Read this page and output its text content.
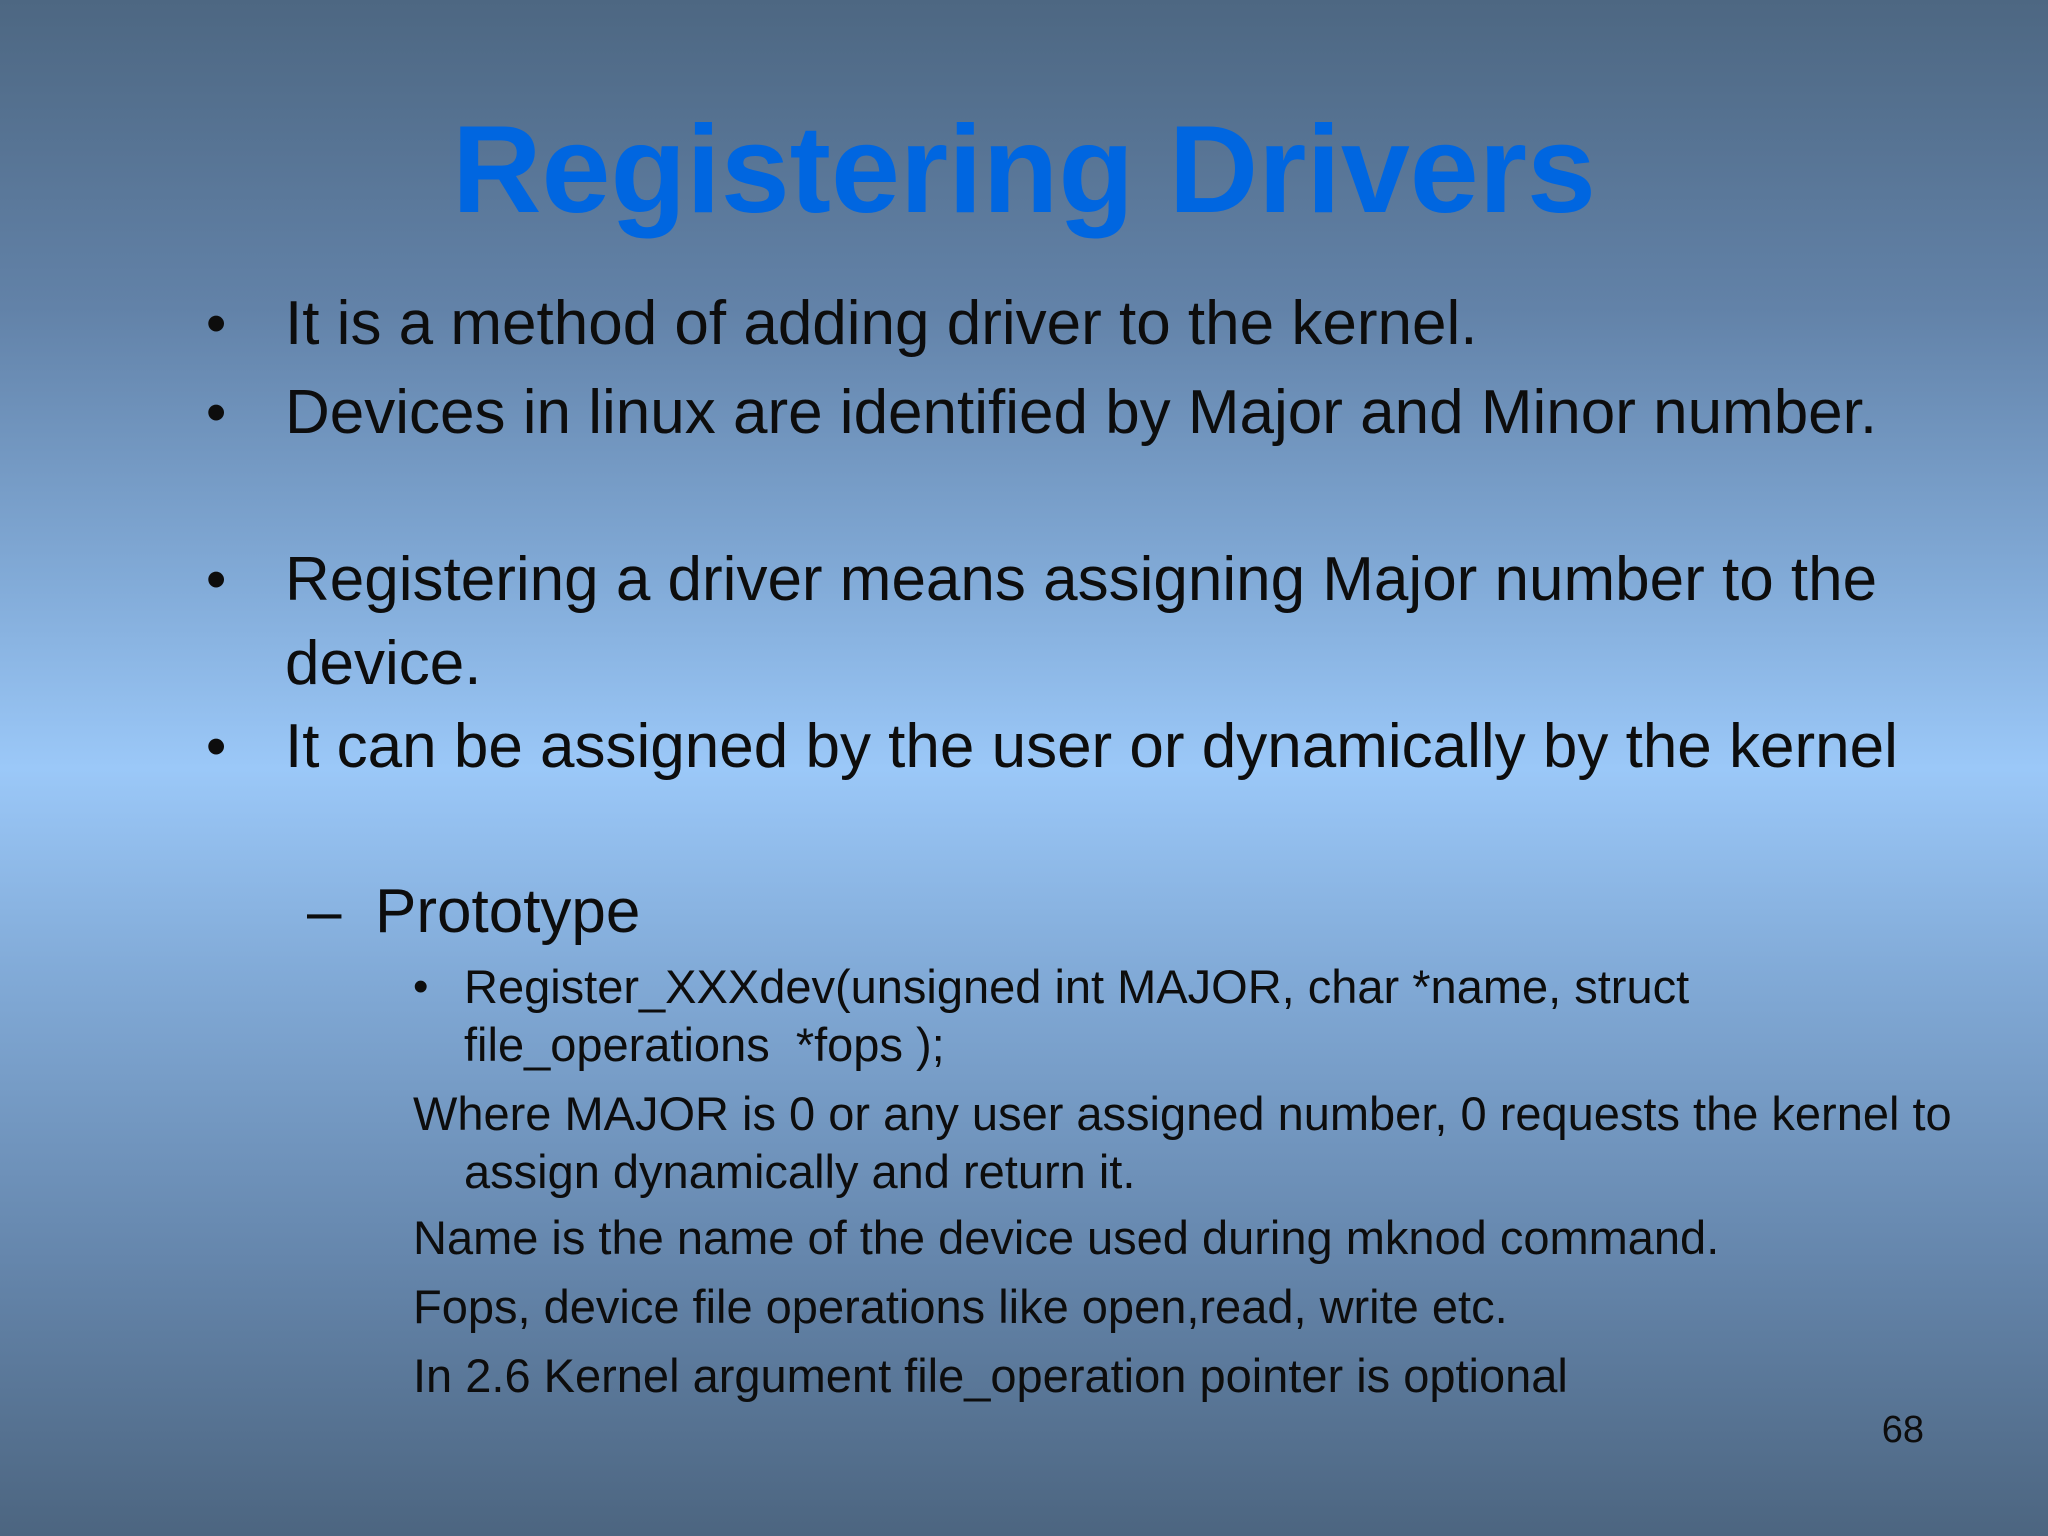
Registering Drivers
• It is a method of adding driver to the kernel.
• Devices in linux are identified by Major and Minor number.
• Registering a driver means assigning Major number to the device.
• It can be assigned by the user or dynamically by the kernel
– Prototype
• Register_XXXdev(unsigned int MAJOR, char *name, struct file_operations  *fops );
Where MAJOR is 0 or any user assigned number, 0 requests the kernel to assign dynamically and return it.
Name is the name of the device used during mknod command.
Fops, device file operations like open,read, write etc.
In 2.6 Kernel argument file_operation pointer is optional
68
